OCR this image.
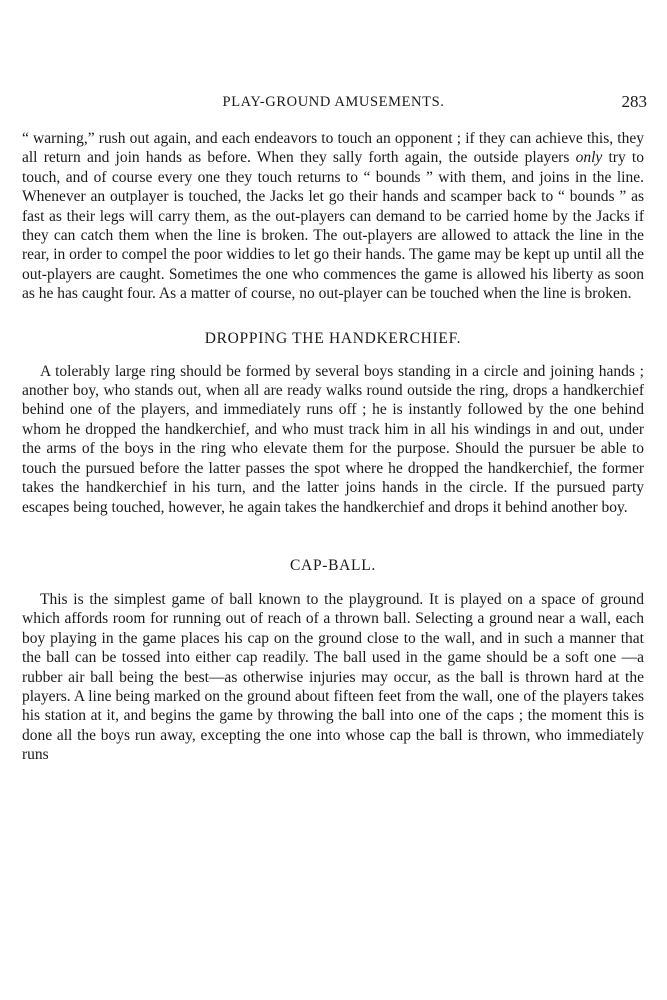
PLAY-GROUND AMUSEMENTS.	283

“ warning,” rush out again, and each endeavors to touch an opponent ; if they can achieve this, they all return and join hands as before. When they sally forth again, the outside players only try to touch, and of course every one they touch returns to “ bounds ” with them, and joins in the line. Whenever an outplayer is touched, the Jacks let go their hands and scamper back to “ bounds ” as fast as their legs will carry them, as the out-players can demand to be carried home by the Jacks if they can catch them when the line is broken. The out-players are allowed to attack the line in the rear, in order to compel the poor widdies to let go their hands. The game may be kept up until all the out-players are caught. Sometimes the one who commences the game is allowed his liberty as soon as he has caught four. As a matter of course, no out-player can be touched when the line is broken.

DROPPING THE HANDKERCHIEF.

A tolerably large ring should be formed by several boys standing in a circle and joining hands ; another boy, who stands out, when all are ready walks round outside the ring, drops a handkerchief behind one of the players, and immediately runs off ; he is instantly followed by the one behind whom he dropped the handkerchief, and who must track him in all his windings in and out, under the arms of the boys in the ring who elevate them for the purpose. Should the pursuer be able to touch the pursued before the latter passes the spot where he dropped the handkerchief, the former takes the handkerchief in his turn, and the latter joins hands in the circle. If the pursued party escapes being touched, however, he again takes the handkerchief and drops it behind another boy.

CAP-BALL.

This is the simplest game of ball known to the playground. It is played on a space of ground which affords room for running out of reach of a thrown ball. Selecting a ground near a wall, each boy playing in the game places his cap on the ground close to the wall, and in such a manner that the ball can be tossed into either cap readily. The ball used in the game should be a soft one —a rubber air ball being the best—as otherwise injuries may occur, as the ball is thrown hard at the players. A line being marked on the ground about fifteen feet from the wall, one of the players takes his station at it, and begins the game by throwing the ball into one of the caps ; the moment this is done all the boys run away, excepting the one into whose cap the ball is thrown, who immediately runs
